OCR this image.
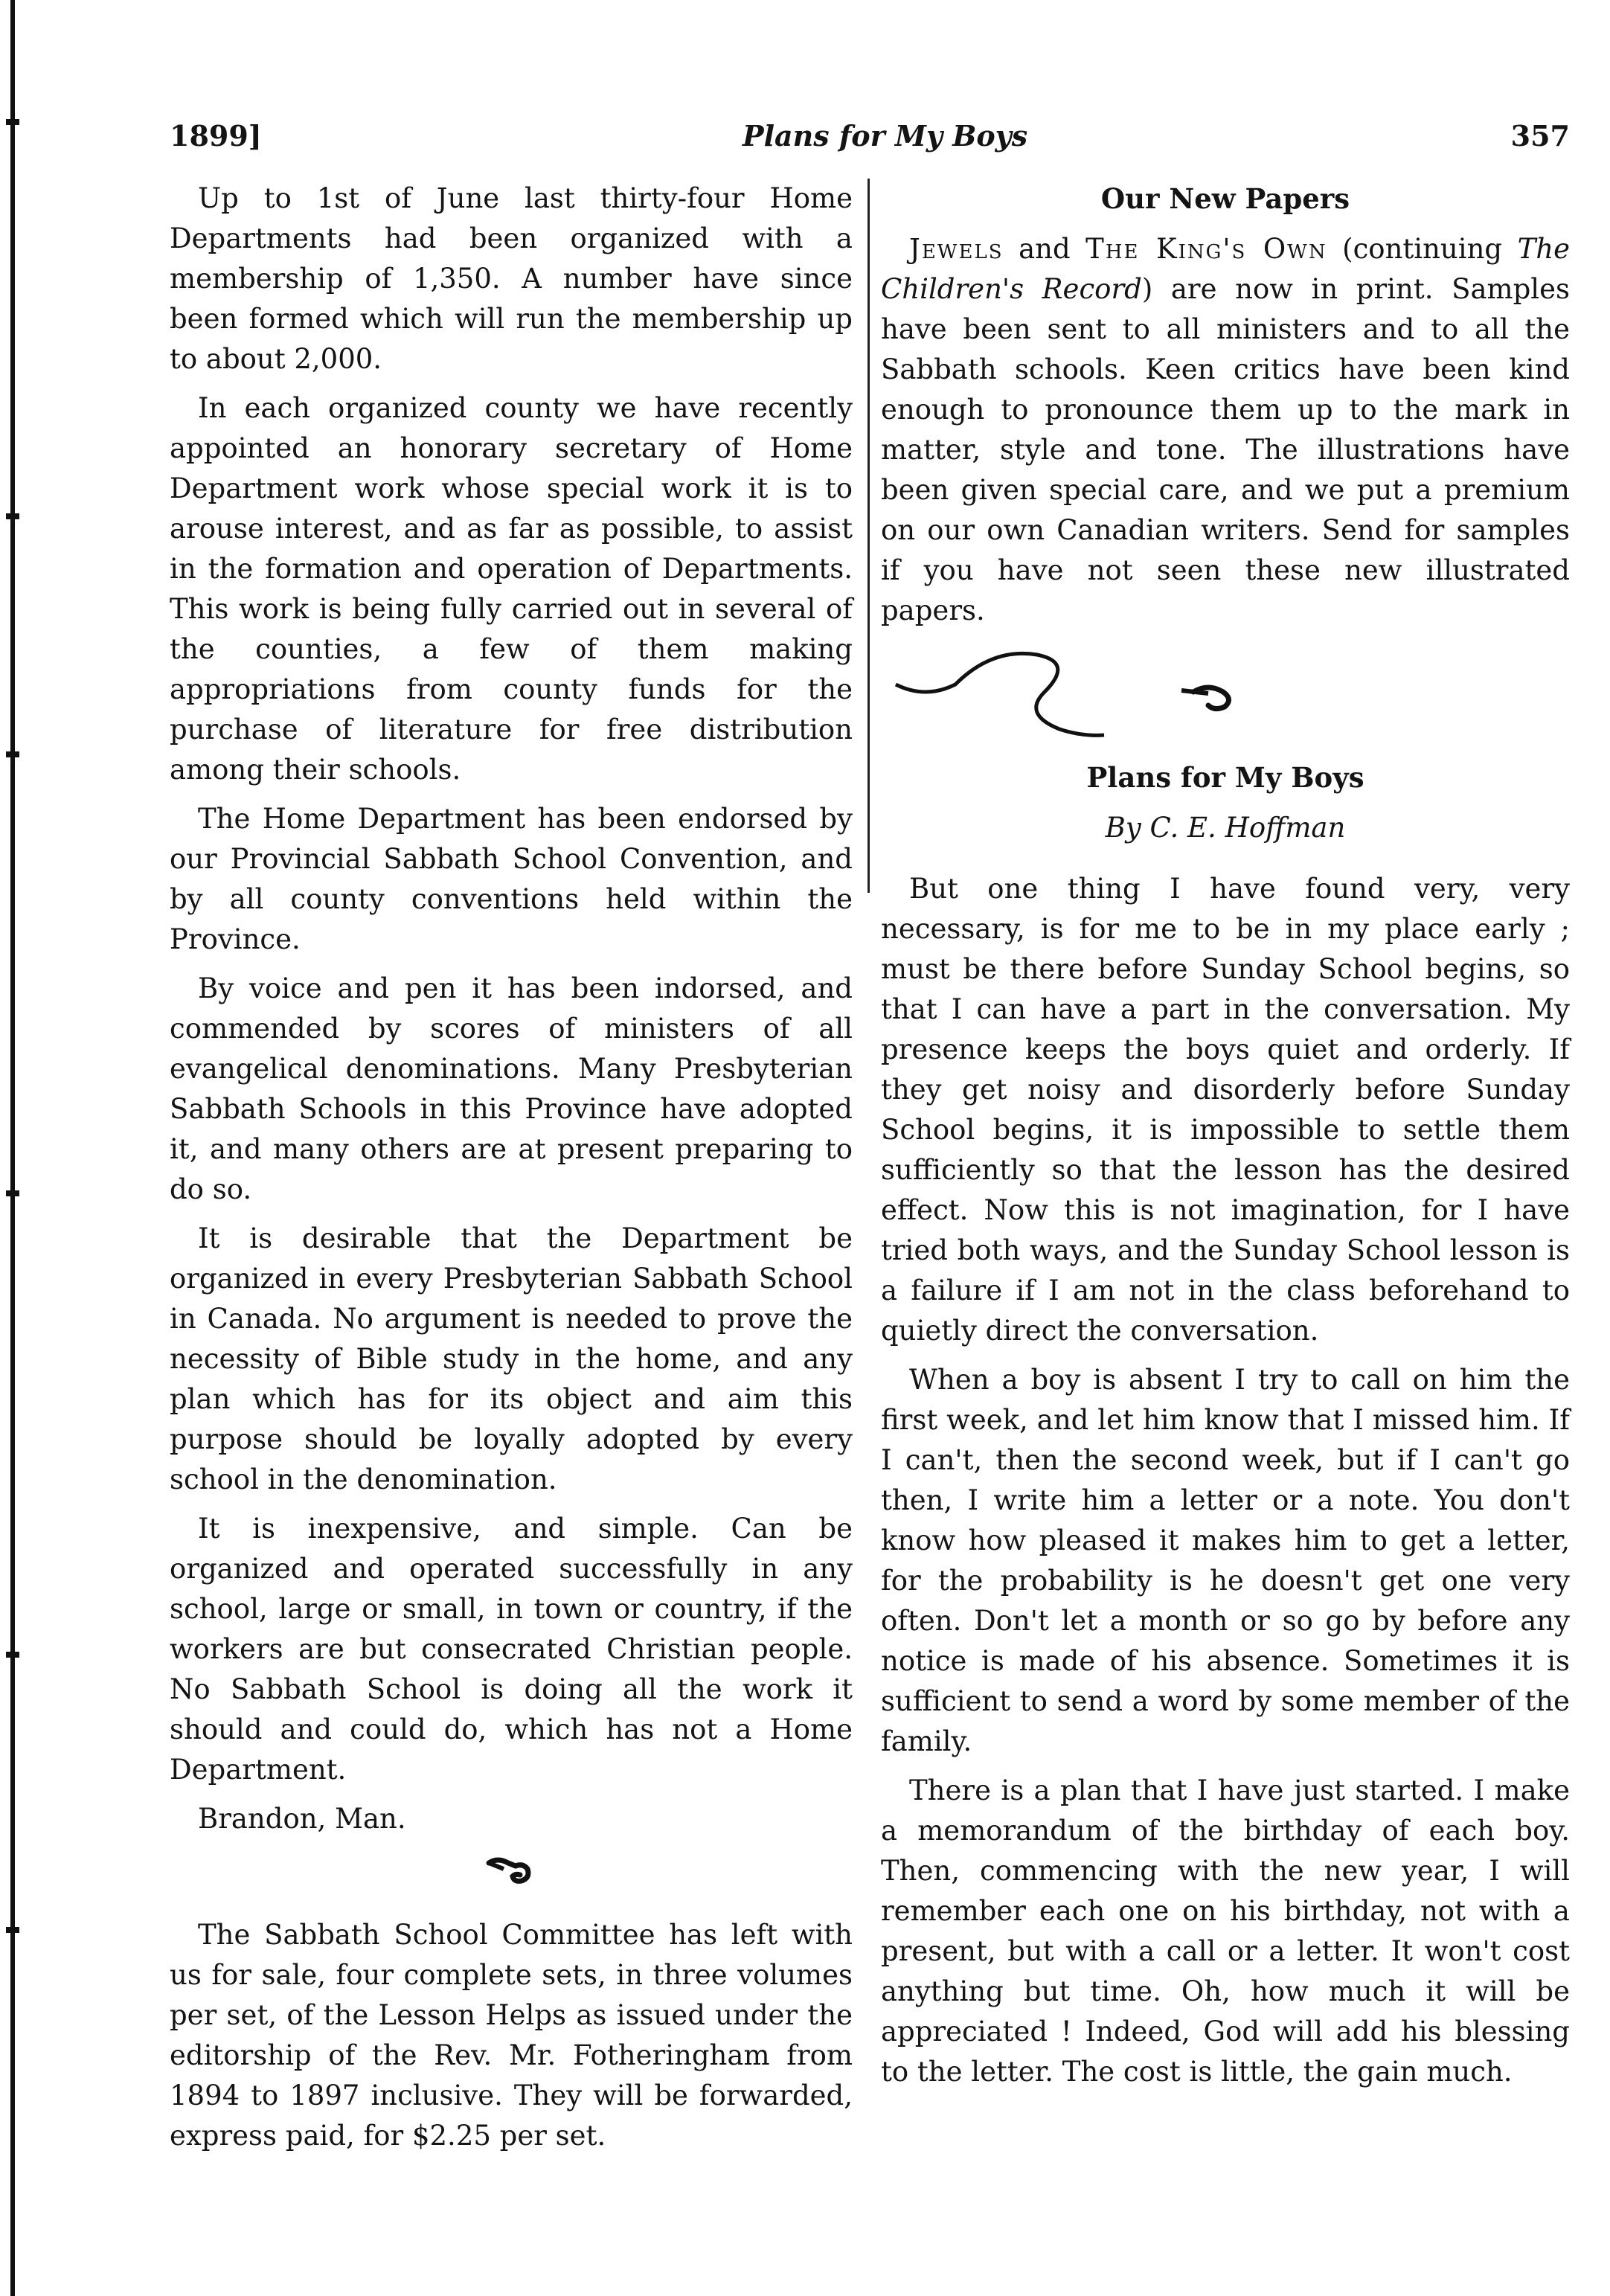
1899]	Plans for My Boys	357

Up to 1st of June last thirty-four Home Departments had been organized with a membership of 1,350. A number have since been formed which will run the membership up to about 2,000.

In each organized county we have recently appointed an honorary secretary of Home Department work whose special work it is to arouse interest, and as far as possible, to assist in the formation and operation of Departments. This work is being fully carried out in several of the counties, a few of them making appropriations from county funds for the purchase of literature for free distribution among their schools.

The Home Department has been endorsed by our Provincial Sabbath School Convention, and by all county conventions held within the Province.

By voice and pen it has been indorsed, and commended by scores of ministers of all evangelical denominations. Many Presbyterian Sabbath Schools in this Province have adopted it, and many others are at present preparing to do so.

It is desirable that the Department be organized in every Presbyterian Sabbath School in Canada. No argument is needed to prove the necessity of Bible study in the home, and any plan which has for its object and aim this purpose should be loyally adopted by every school in the denomination.

It is inexpensive, and simple. Can be organized and operated successfully in any school, large or small, in town or country, if the workers are but consecrated Christian people. No Sabbath School is doing all the work it should and could do, which has not a Home Department.

Brandon, Man.

The Sabbath School Committee has left with us for sale, four complete sets, in three volumes per set, of the Lesson Helps as issued under the editorship of the Rev. Mr. Fotheringham from 1894 to 1897 inclusive. They will be forwarded, express paid, for $2.25 per set.

Our New Papers

Jewels and The King's Own (continuing The Children's Record) are now in print. Samples have been sent to all ministers and to all the Sabbath schools. Keen critics have been kind enough to pronounce them up to the mark in matter, style and tone. The illustrations have been given special care, and we put a premium on our own Canadian writers. Send for samples if you have not seen these new illustrated papers.

Plans for My Boys
By C. E. Hoffman

But one thing I have found very, very necessary, is for me to be in my place early ; must be there before Sunday School begins, so that I can have a part in the conversation. My presence keeps the boys quiet and orderly. If they get noisy and disorderly before Sunday School begins, it is impossible to settle them sufficiently so that the lesson has the desired effect. Now this is not imagination, for I have tried both ways, and the Sunday School lesson is a failure if I am not in the class beforehand to quietly direct the conversation.

When a boy is absent I try to call on him the first week, and let him know that I missed him. If I can't, then the second week, but if I can't go then, I write him a letter or a note. You don't know how pleased it makes him to get a letter, for the probability is he doesn't get one very often. Don't let a month or so go by before any notice is made of his absence. Sometimes it is sufficient to send a word by some member of the family.

There is a plan that I have just started. I make a memorandum of the birthday of each boy. Then, commencing with the new year, I will remember each one on his birthday, not with a present, but with a call or a letter. It won't cost anything but time. Oh, how much it will be appreciated ! Indeed, God will add his blessing to the letter. The cost is little, the gain much.
